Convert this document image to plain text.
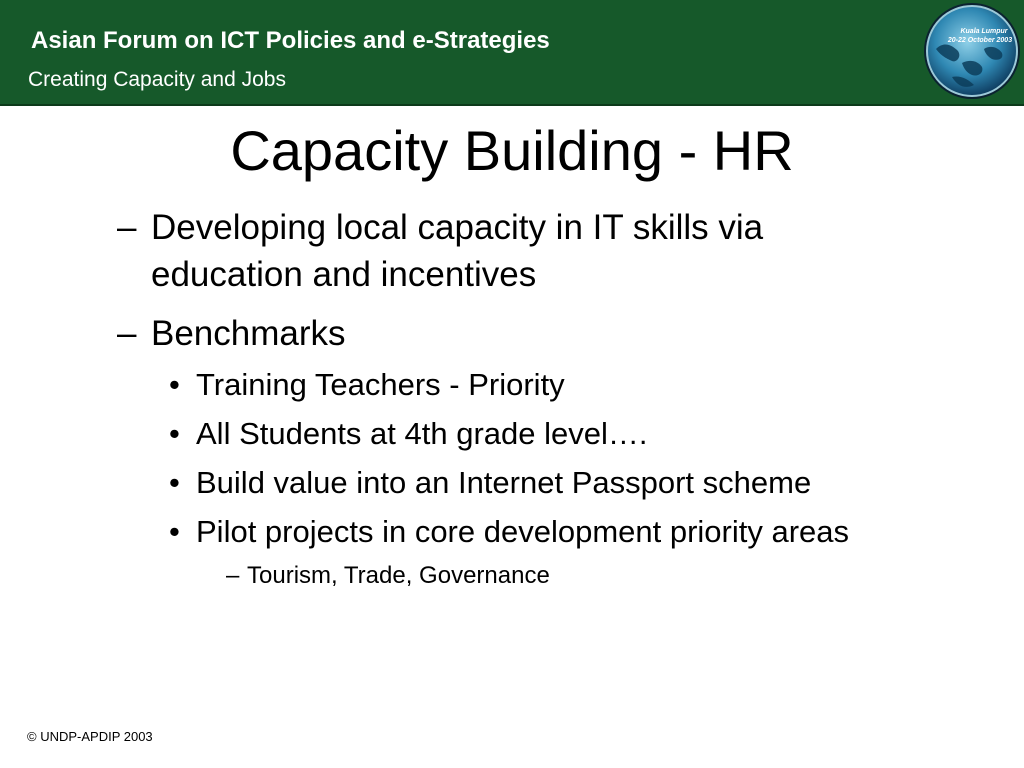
Asian Forum on ICT Policies and e-Strategies
Creating Capacity and Jobs
Kuala Lumpur
20-22 October 2003
Capacity Building - HR
– Developing local capacity in IT skills via
education and incentives
– Benchmarks
• Training Teachers - Priority
• All Students at 4th grade level….
• Build value into an Internet Passport scheme
• Pilot projects in core development priority areas
– Tourism, Trade, Governance
© UNDP-APDIP 2003
